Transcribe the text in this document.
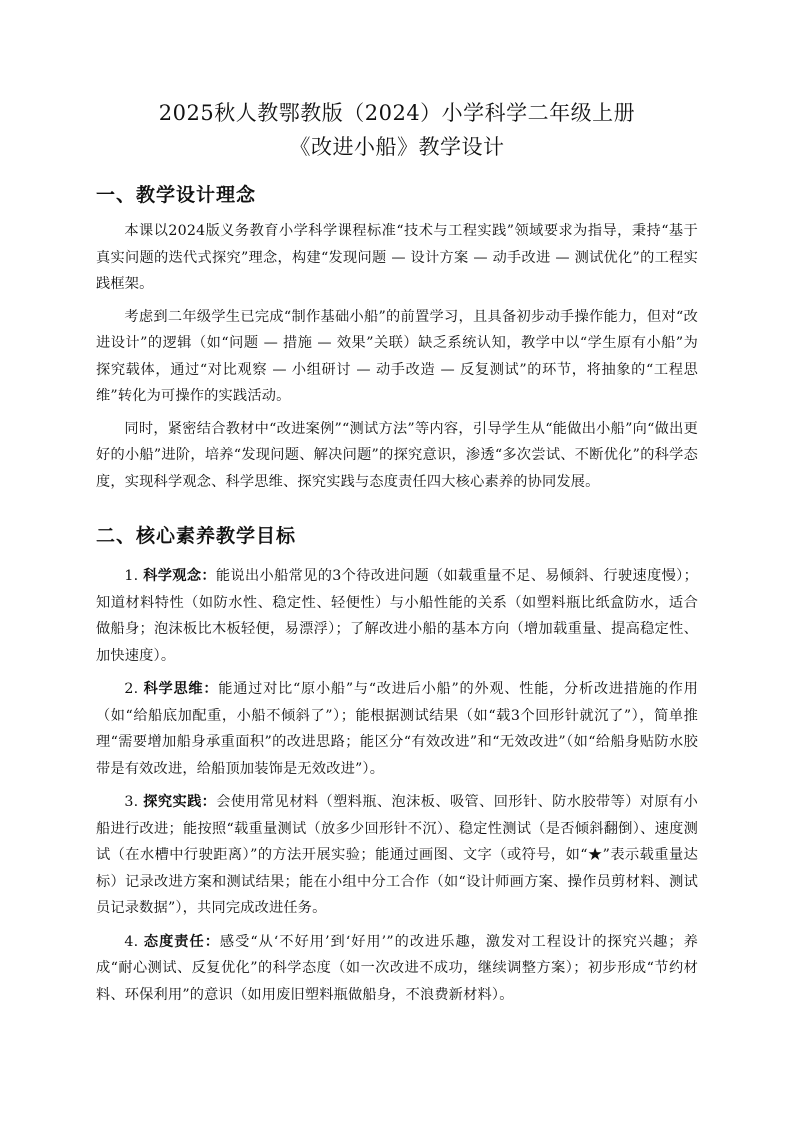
2025秋人教鄂教版（2024）小学科学二年级上册
《改进小船》教学设计
一、教学设计理念

本课以2024版义务教育小学科学课程标准“技术与工程实践”领域要求为指导，秉持“基于真实问题的迭代式探究”理念，构建“发现问题 — 设计方案 — 动手改进 — 测试优化”的工程实践框架。

考虑到二年级学生已完成“制作基础小船”的前置学习，且具备初步动手操作能力，但对“改进设计”的逻辑（如“问题 — 措施 — 效果”关联）缺乏系统认知，教学中以“学生原有小船”为探究载体，通过“对比观察 — 小组研讨 — 动手改造 — 反复测试”的环节，将抽象的“工程思维”转化为可操作的实践活动。

同时，紧密结合教材中“改进案例”“测试方法”等内容，引导学生从“能做出小船”向“做出更好的小船”进阶，培养“发现问题、解决问题”的探究意识，渗透“多次尝试、不断优化”的科学态度，实现科学观念、科学思维、探究实践与态度责任四大核心素养的协同发展。

二、核心素养教学目标

1. 科学观念：能说出小船常见的3个待改进问题（如载重量不足、易倾斜、行驶速度慢）；知道材料特性（如防水性、稳定性、轻便性）与小船性能的关系（如塑料瓶比纸盒防水，适合做船身；泡沫板比木板轻便，易漂浮）；了解改进小船的基本方向（增加载重量、提高稳定性、加快速度）。

2. 科学思维：能通过对比“原小船”与“改进后小船”的外观、性能，分析改进措施的作用（如“给船底加配重，小船不倾斜了”）；能根据测试结果（如“载3个回形针就沉了”），简单推理“需要增加船身承重面积”的改进思路；能区分“有效改进”和“无效改进”（如“给船身贴防水胶带是有效改进，给船顶加装饰是无效改进”）。

3. 探究实践：会使用常见材料（塑料瓶、泡沫板、吸管、回形针、防水胶带等）对原有小船进行改进；能按照“载重量测试（放多少回形针不沉）、稳定性测试（是否倾斜翻倒）、速度测试（在水槽中行驶距离）”的方法开展实验；能通过画图、文字（或符号，如“★”表示载重量达标）记录改进方案和测试结果；能在小组中分工合作（如“设计师画方案、操作员剪材料、测试员记录数据”），共同完成改进任务。

4. 态度责任：感受“从‘不好用’到‘好用’”的改进乐趣，激发对工程设计的探究兴趣；养成“耐心测试、反复优化”的科学态度（如一次改进不成功，继续调整方案）；初步形成“节约材料、环保利用”的意识（如用废旧塑料瓶做船身，不浪费新材料）。
